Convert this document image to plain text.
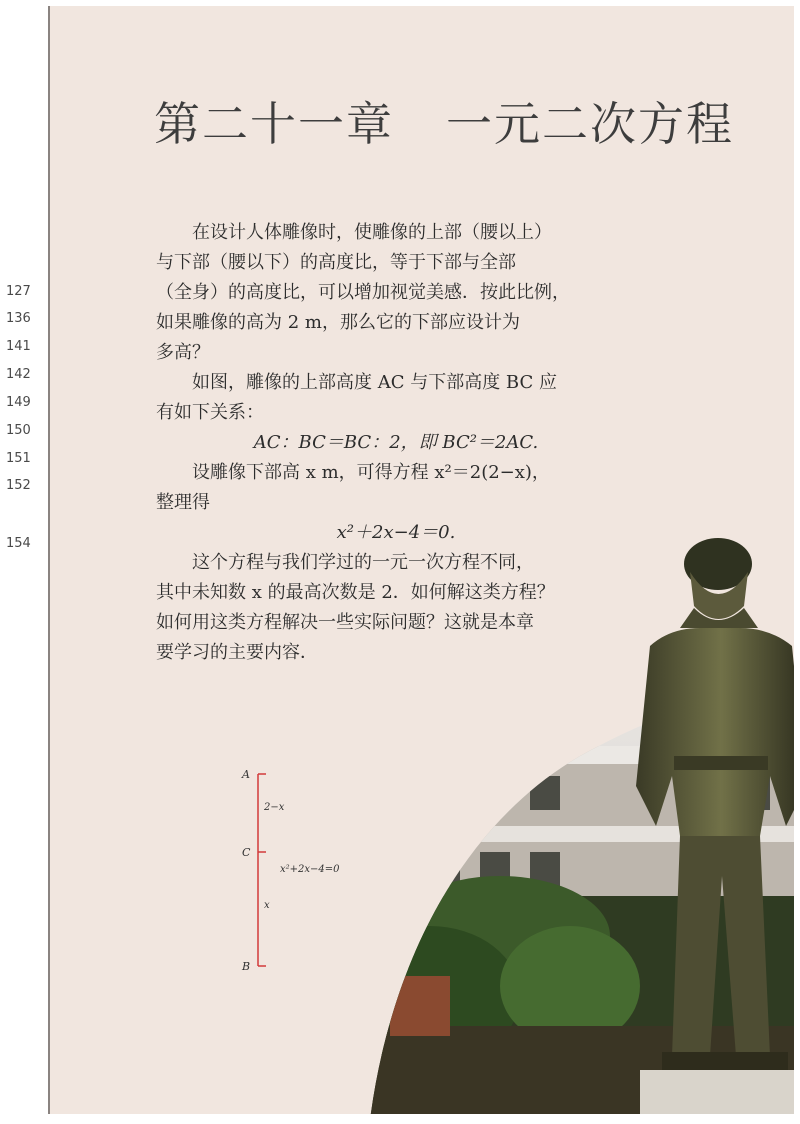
第二十一章 一元二次方程

在设计人体雕像时，使雕像的上部（腰以上）

与下部（腰以下）的高度比，等于下部与全部

（全身）的高度比，可以增加视觉美感．按此比例，

如果雕像的高为 2 m，那么它的下部应设计为

多高？

如图，雕像的上部高度 AC 与下部高度 BC 应

有如下关系：

AC：BC＝BC：2，即 BC²＝2AC.

设雕像下部高 x m，可得方程 x²＝2(2−x)，

整理得

x²＋2x−4＝0.

这个方程与我们学过的一元一次方程不同，

其中未知数 x 的最高次数是 2．如何解这类方程？

如何用这类方程解决一些实际问题？这就是本章

要学习的主要内容．

A
C
B
2−x
x²+2x−4=0
x
127
136
141
142
149
150
151
152
154
